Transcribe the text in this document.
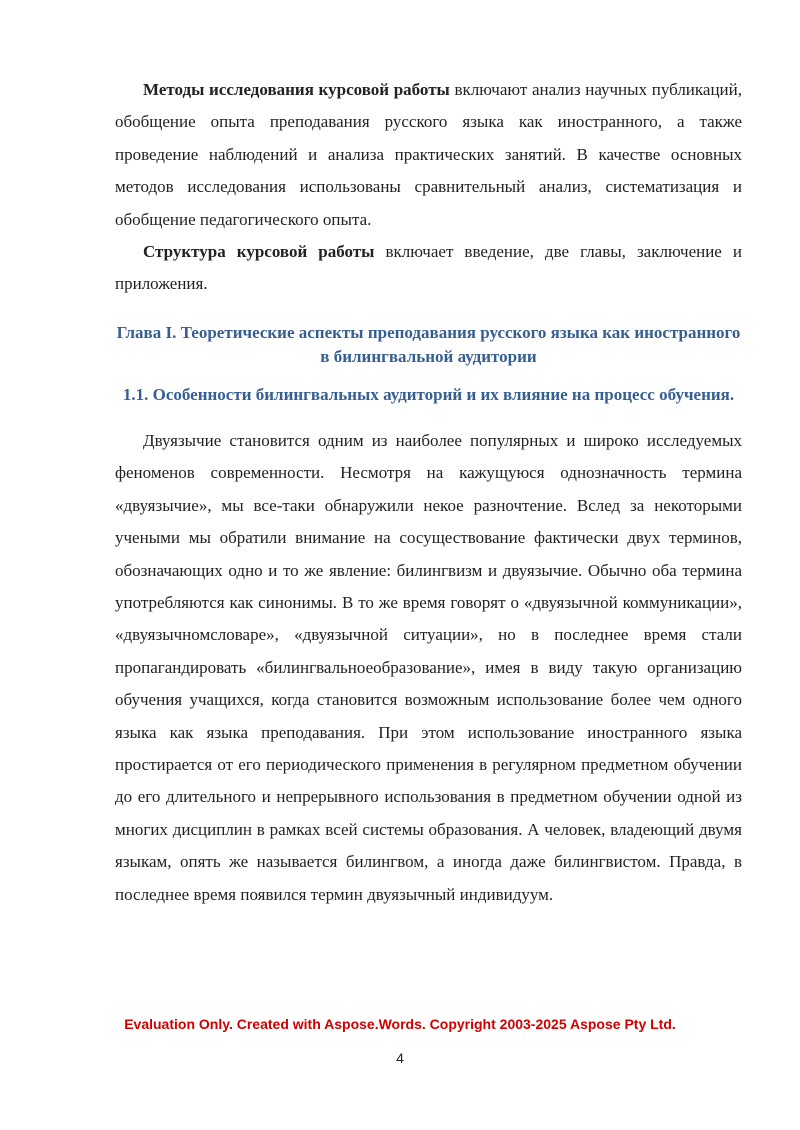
Методы исследования курсовой работы включают анализ научных публикаций, обобщение опыта преподавания русского языка как иностранного, а также проведение наблюдений и анализа практических занятий. В качестве основных методов исследования использованы сравнительный анализ, систематизация и обобщение педагогического опыта.

Структура курсовой работы включает введение, две главы, заключение и приложения.

Глава I. Теоретические аспекты преподавания русского языка как иностранного в билингвальной аудитории
1.1. Особенности билингвальных аудиторий и их влияние на процесс обучения.

Двуязычие становится одним из наиболее популярных и широко исследуемых феноменов современности. Несмотря на кажущуюся однозначность термина «двуязычие», мы все-таки обнаружили некое разночтение. Вслед за некоторыми учеными мы обратили внимание на сосуществование фактически двух терминов, обозначающих одно и то же явление: билингвизм и двуязычие. Обычно оба термина употребляются как синонимы. В то же время говорят о «двуязычной коммуникации», «двуязычномсловаре», «двуязычной ситуации», но в последнее время стали пропагандировать «билингвальноеобразование», имея в виду такую организацию обучения учащихся, когда становится возможным использование более чем одного языка как языка преподавания. При этом использование иностранного языка простирается от его периодического применения в регулярном предметном обучении до его длительного и непрерывного использования в предметном обучении одной из многих дисциплин в рамках всей системы образования. А человек, владеющий двумя языкам, опять же называется билингвом, а иногда даже билингвистом. Правда, в последнее время появился термин двуязычный индивидуум.

Evaluation Only. Created with Aspose.Words. Copyright 2003-2025 Aspose Pty Ltd.
4
